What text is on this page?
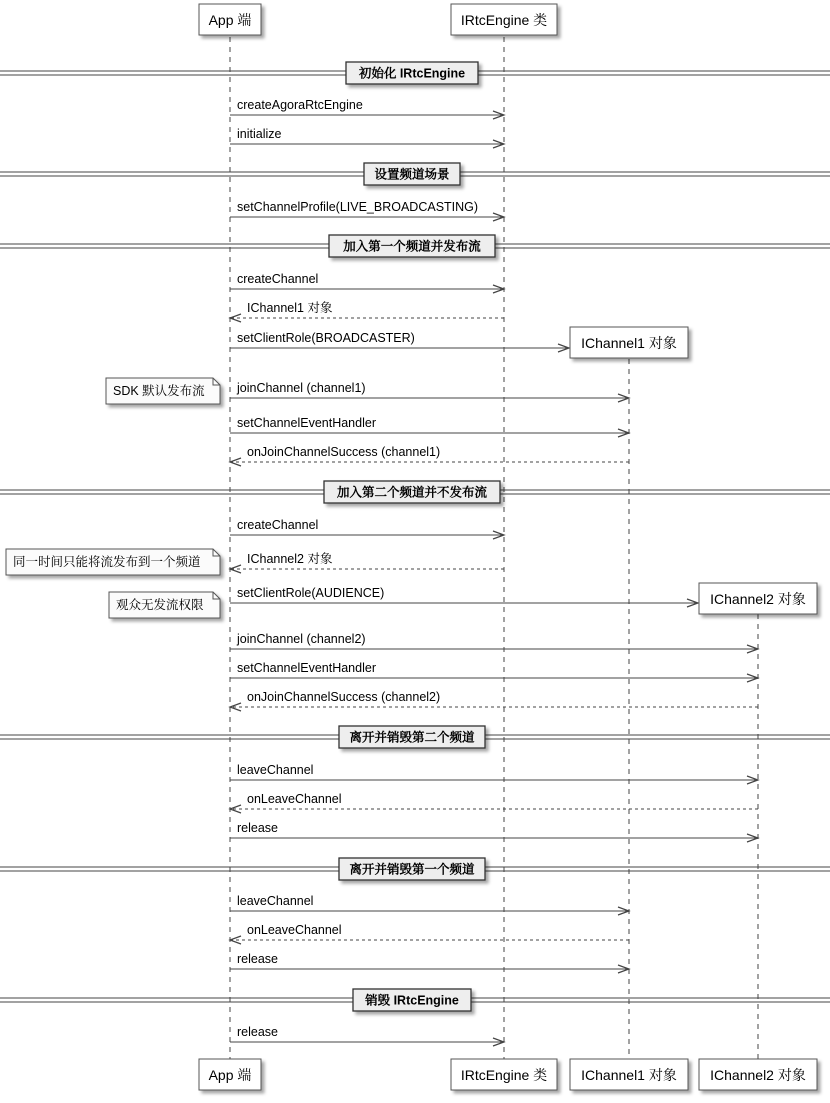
初始化 IRtcEngine
设置频道场景
加入第一个频道并发布流
加入第二个频道并不发布流
离开并销毁第二个频道
离开并销毁第一个频道
销毁 IRtcEngine
createAgoraRtcEngine
initialize
setChannelProfile(LIVE_BROADCASTING)
createChannel
IChannel1 对象
setClientRole(BROADCASTER)
joinChannel (channel1)
setChannelEventHandler
onJoinChannelSuccess (channel1)
createChannel
IChannel2 对象
setClientRole(AUDIENCE)
joinChannel (channel2)
setChannelEventHandler
onJoinChannelSuccess (channel2)
leaveChannel
onLeaveChannel
release
leaveChannel
onLeaveChannel
release
release
App 端	IRtcEngine 类
App 端	IRtcEngine 类 IChannel1 对象 IChannel2 对象
IChannel1 对象
IChannel2 对象
SDK 默认发布流
同一时间只能将流发布到一个频道
观众无发流权限
